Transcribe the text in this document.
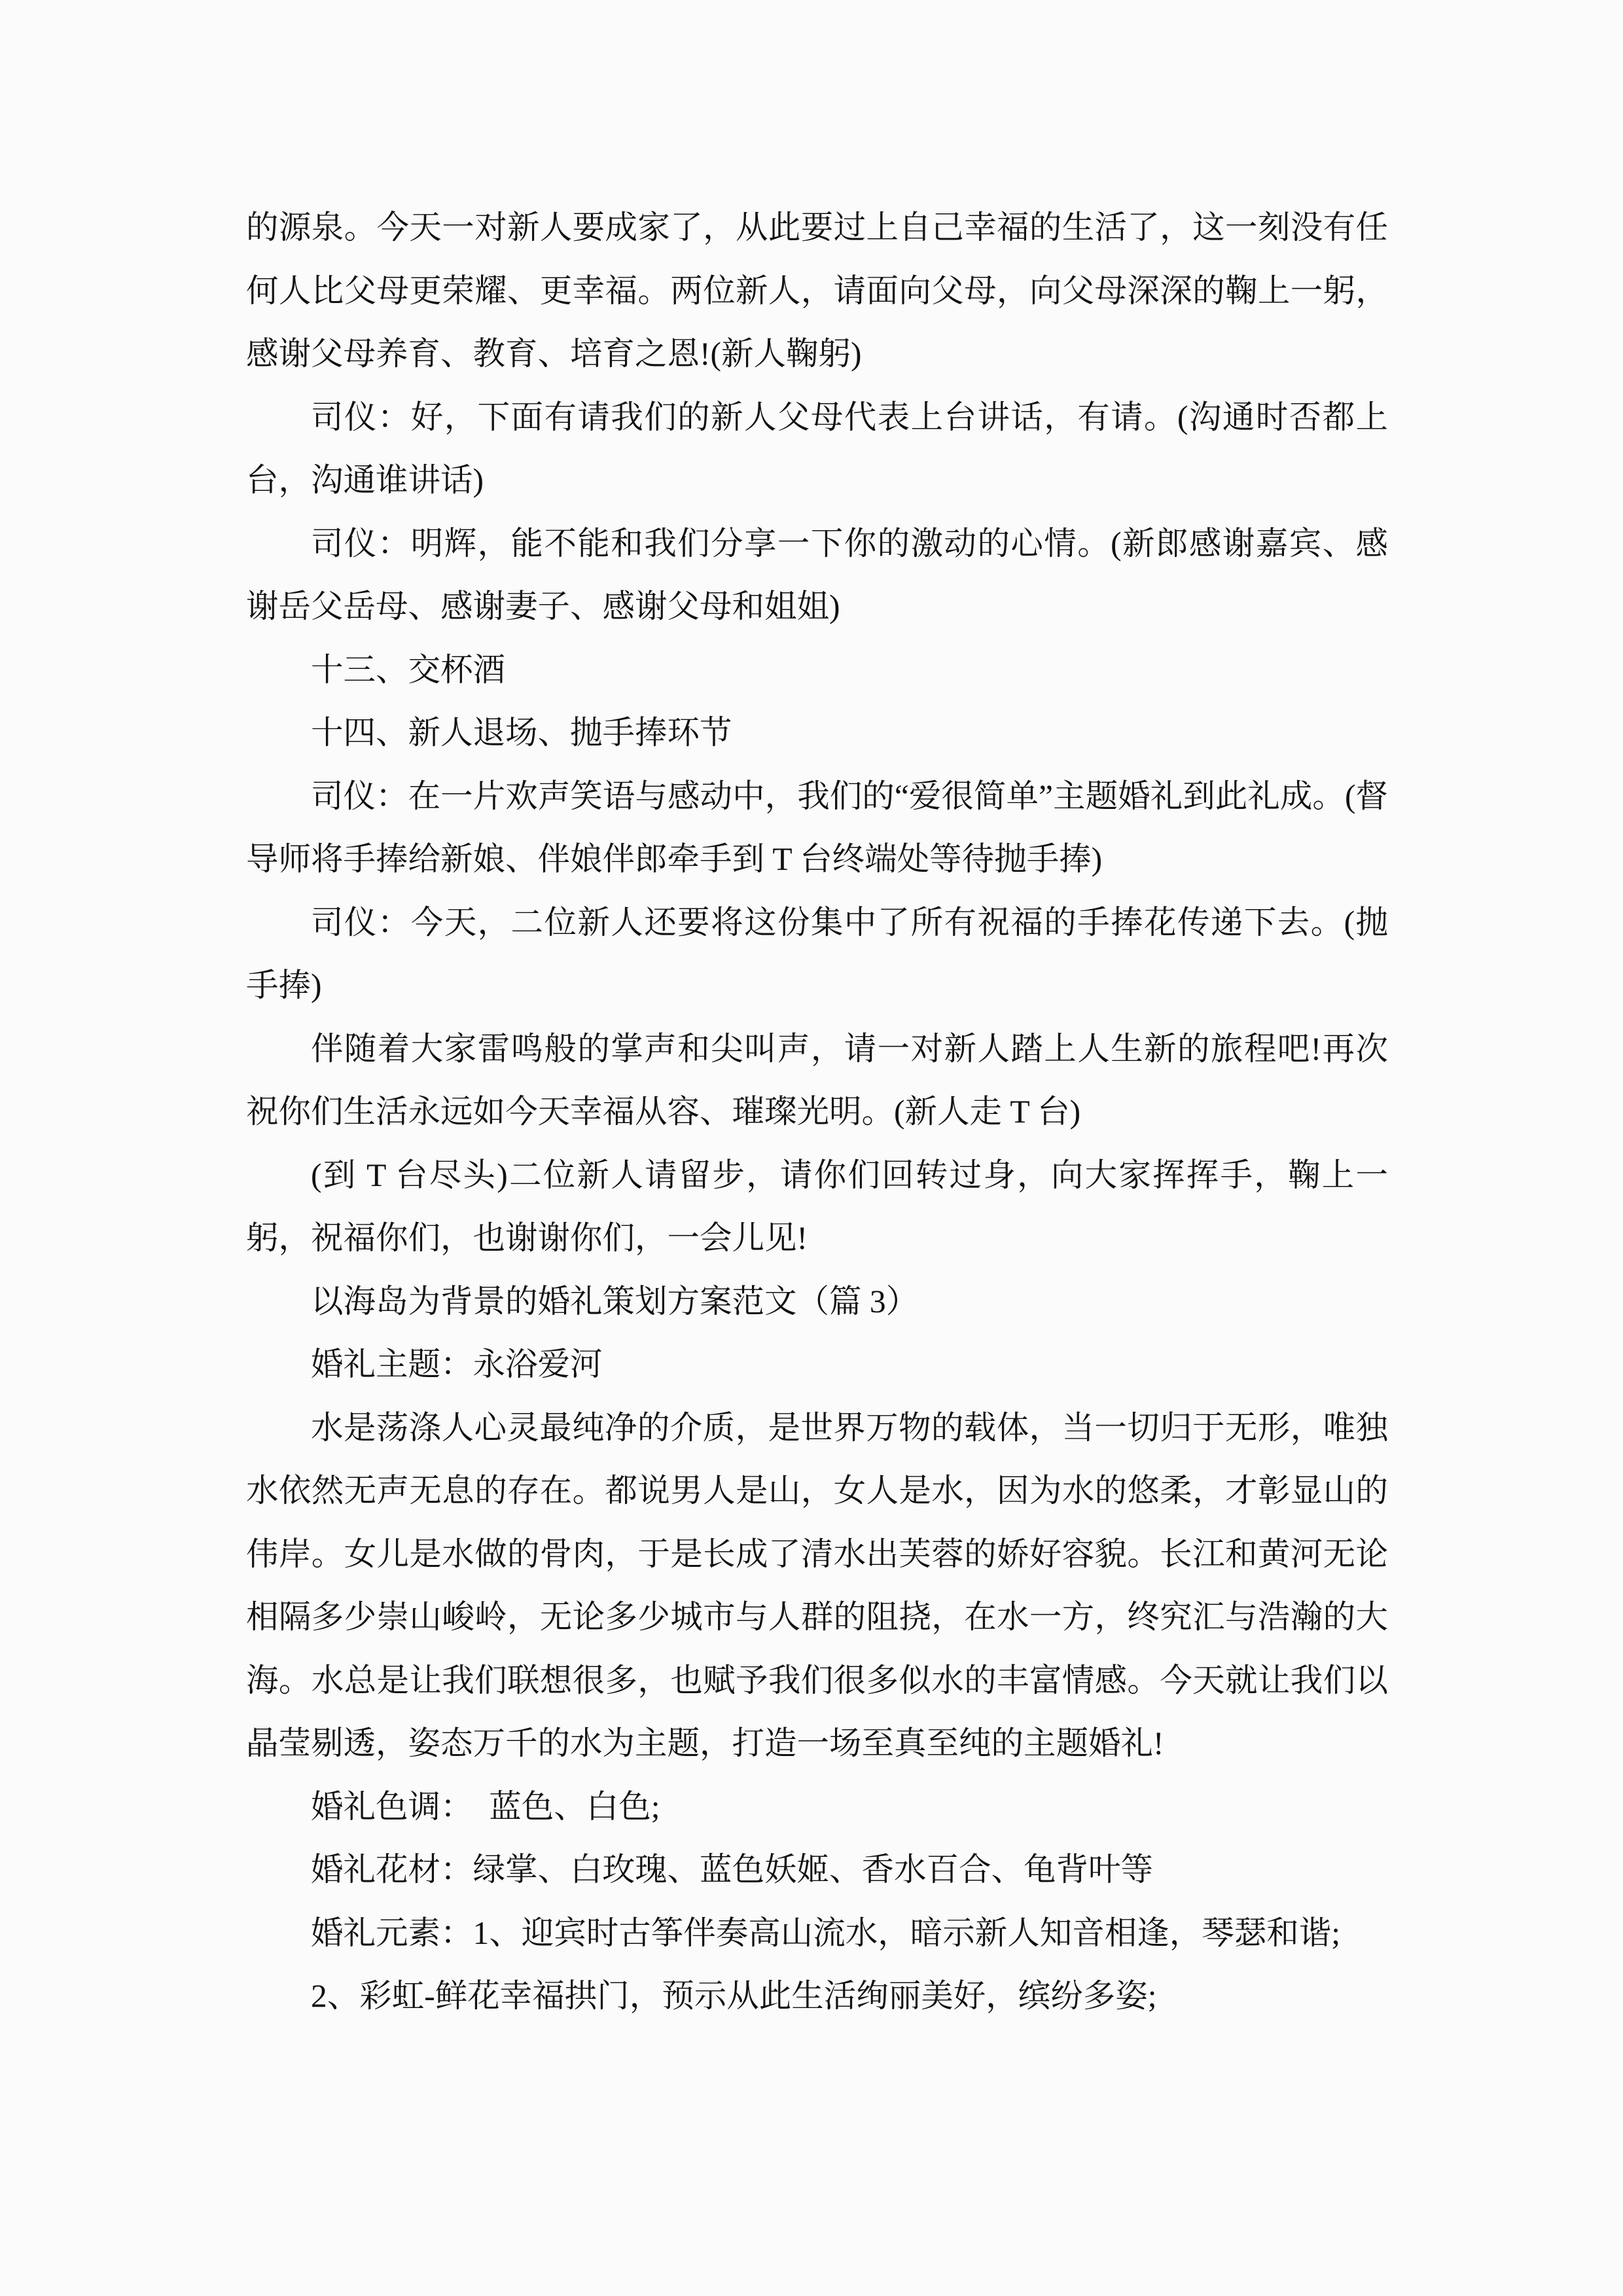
的源泉。今天一对新人要成家了，从此要过上自己幸福的生活了，这一刻没有任何人比父母更荣耀、更幸福。两位新人，请面向父母，向父母深深的鞠上一躬，感谢父母养育、教育、培育之恩!(新人鞠躬)

司仪：好，下面有请我们的新人父母代表上台讲话，有请。(沟通时否都上台，沟通谁讲话)

司仪：明辉，能不能和我们分享一下你的激动的心情。(新郎感谢嘉宾、感谢岳父岳母、感谢妻子、感谢父母和姐姐)

十三、交杯酒

十四、新人退场、抛手捧环节

司仪：在一片欢声笑语与感动中，我们的“爱很简单”主题婚礼到此礼成。(督导师将手捧给新娘、伴娘伴郎牵手到 T 台终端处等待抛手捧)

司仪：今天，二位新人还要将这份集中了所有祝福的手捧花传递下去。(抛手捧)

伴随着大家雷鸣般的掌声和尖叫声，请一对新人踏上人生新的旅程吧!再次祝你们生活永远如今天幸福从容、璀璨光明。(新人走 T 台)

(到 T 台尽头)二位新人请留步，请你们回转过身，向大家挥挥手，鞠上一躬，祝福你们，也谢谢你们，一会儿见!

以海岛为背景的婚礼策划方案范文（篇 3）

婚礼主题：永浴爱河

水是荡涤人心灵最纯净的介质，是世界万物的载体，当一切归于无形，唯独水依然无声无息的存在。都说男人是山，女人是水，因为水的悠柔，才彰显山的伟岸。女儿是水做的骨肉，于是长成了清水出芙蓉的娇好容貌。长江和黄河无论相隔多少崇山峻岭，无论多少城市与人群的阻挠，在水一方，终究汇与浩瀚的大海。水总是让我们联想很多，也赋予我们很多似水的丰富情感。今天就让我们以晶莹剔透，姿态万千的水为主题，打造一场至真至纯的主题婚礼!

婚礼色调：　蓝色、白色;

婚礼花材：绿掌、白玫瑰、蓝色妖姬、香水百合、龟背叶等

婚礼元素：1、迎宾时古筝伴奏高山流水，暗示新人知音相逢，琴瑟和谐;

2、彩虹-鲜花幸福拱门，预示从此生活绚丽美好，缤纷多姿;
